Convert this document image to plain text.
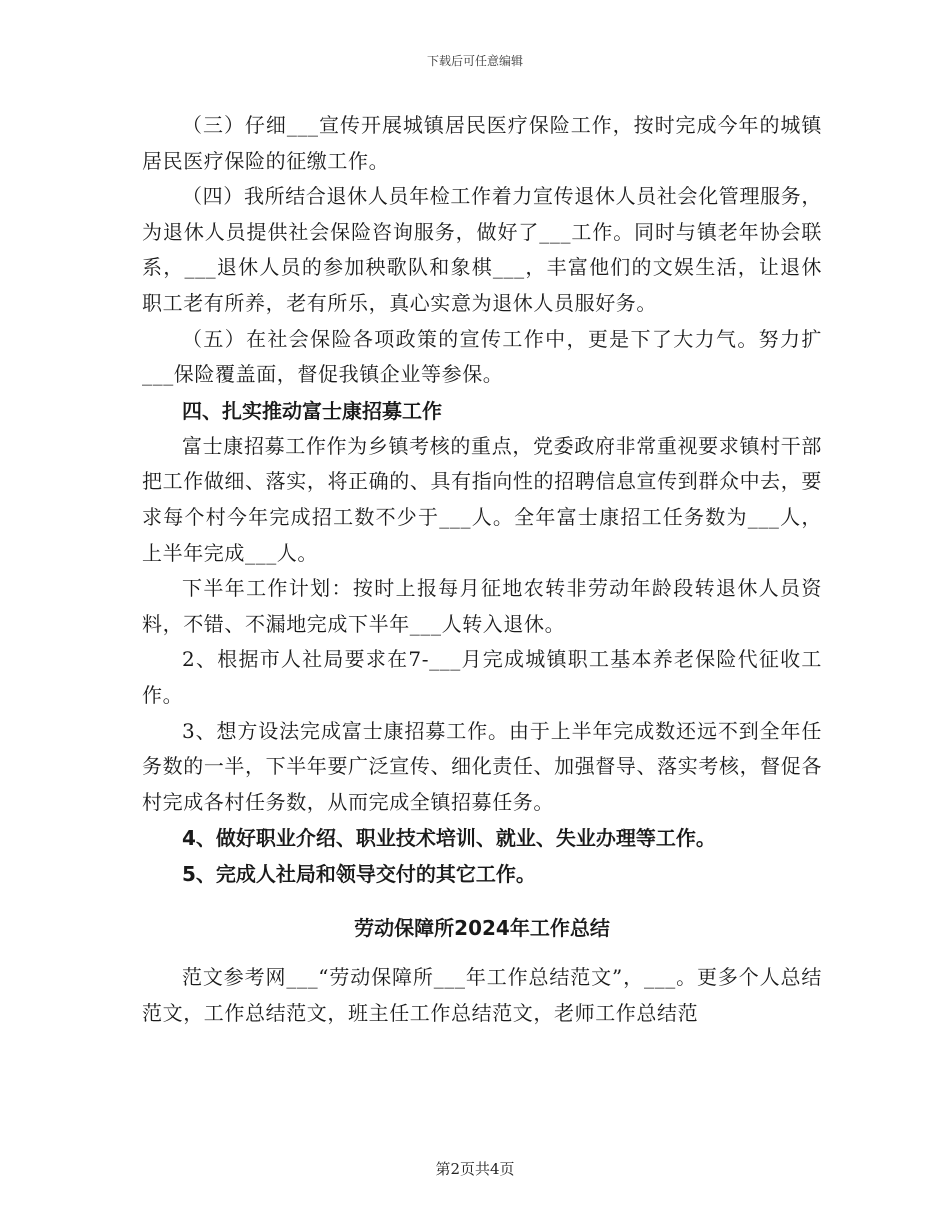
下载后可任意编辑

（三）仔细___宣传开展城镇居民医疗保险工作，按时完成今年的城镇居民医疗保险的征缴工作。

（四）我所结合退休人员年检工作着力宣传退休人员社会化管理服务，为退休人员提供社会保险咨询服务，做好了___工作。同时与镇老年协会联系，___退休人员的参加秧歌队和象棋___，丰富他们的文娱生活，让退休职工老有所养，老有所乐，真心实意为退休人员服好务。

（五）在社会保险各项政策的宣传工作中，更是下了大力气。努力扩___保险覆盖面，督促我镇企业等参保。

四、扎实推动富士康招募工作

富士康招募工作作为乡镇考核的重点，党委政府非常重视要求镇村干部把工作做细、落实，将正确的、具有指向性的招聘信息宣传到群众中去，要求每个村今年完成招工数不少于___人。全年富士康招工任务数为___人，上半年完成___人。

下半年工作计划：按时上报每月征地农转非劳动年龄段转退休人员资料，不错、不漏地完成下半年___人转入退休。

2、根据市人社局要求在7-___月完成城镇职工基本养老保险代征收工作。

3、想方设法完成富士康招募工作。由于上半年完成数还远不到全年任务数的一半，下半年要广泛宣传、细化责任、加强督导、落实考核，督促各村完成各村任务数，从而完成全镇招募任务。

4、做好职业介绍、职业技术培训、就业、失业办理等工作。

5、完成人社局和领导交付的其它工作。

劳动保障所2024年工作总结

范文参考网___“劳动保障所___年工作总结范文”，___。更多个人总结范文，工作总结范文，班主任工作总结范文，老师工作总结范

第2页共4页
